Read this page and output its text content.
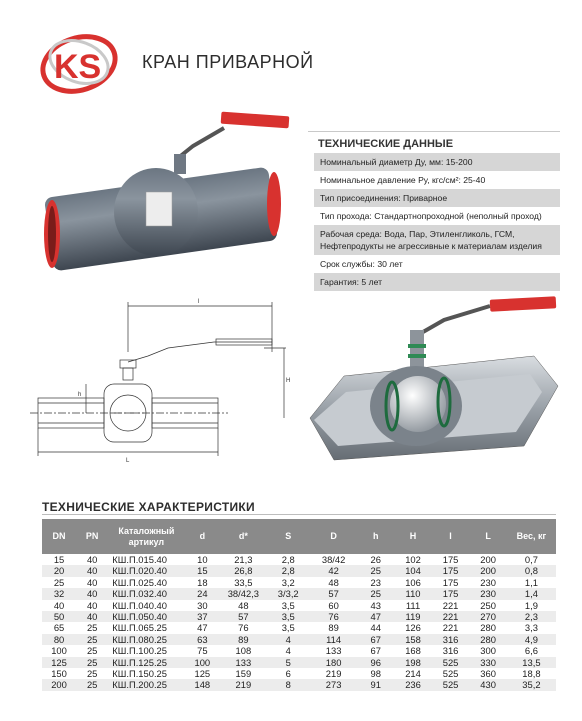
KS КРАН ПРИВАРНОЙ
ТЕХНИЧЕСКИЕ ДАННЫЕ
Номинальный диаметр Ду, мм: 15-200
Номинальное давление Ру, кгс/см²: 25-40
Тип присоединения: Приварное
Тип прохода: Стандартнопроходной (неполный проход)
Рабочая среда: Вода, Пар, Этиленгликоль, ГСМ,
Нефтепродукты не агрессивные к материалам изделия
Срок службы: 30 лет
Гарантия: 5 лет
l
H
h
L
ТЕХНИЧЕСКИЕ ХАРАКТЕРИСТИКИ
DN	PN	Каталожный артикул	d	d*	S	D	h	H	l	L	Вес, кг
15	40	КШ.П.015.40	10	21,3	2,8	38/42	26	102	175	200	0,7
20	40	КШ.П.020.40	15	26,8	2,8	42	25	104	175	200	0,8
25	40	КШ.П.025.40	18	33,5	3,2	48	23	106	175	230	1,1
32	40	КШ.П.032.40	24	38/42,3	3/3,2	57	25	110	175	230	1,4
40	40	КШ.П.040.40	30	48	3,5	60	43	111	221	250	1,9
50	40	КШ.П.050.40	37	57	3,5	76	47	119	221	270	2,3
65	25	КШ.П.065.25	47	76	3,5	89	44	126	221	280	3,3
80	25	КШ.П.080.25	63	89	4	114	67	158	316	280	4,9
100	25	КШ.П.100.25	75	108	4	133	67	168	316	300	6,6
125	25	КШ.П.125.25	100	133	5	180	96	198	525	330	13,5
150	25	КШ.П.150.25	125	159	6	219	98	214	525	360	18,8
200	25	КШ.П.200.25	148	219	8	273	91	236	525	430	35,2
